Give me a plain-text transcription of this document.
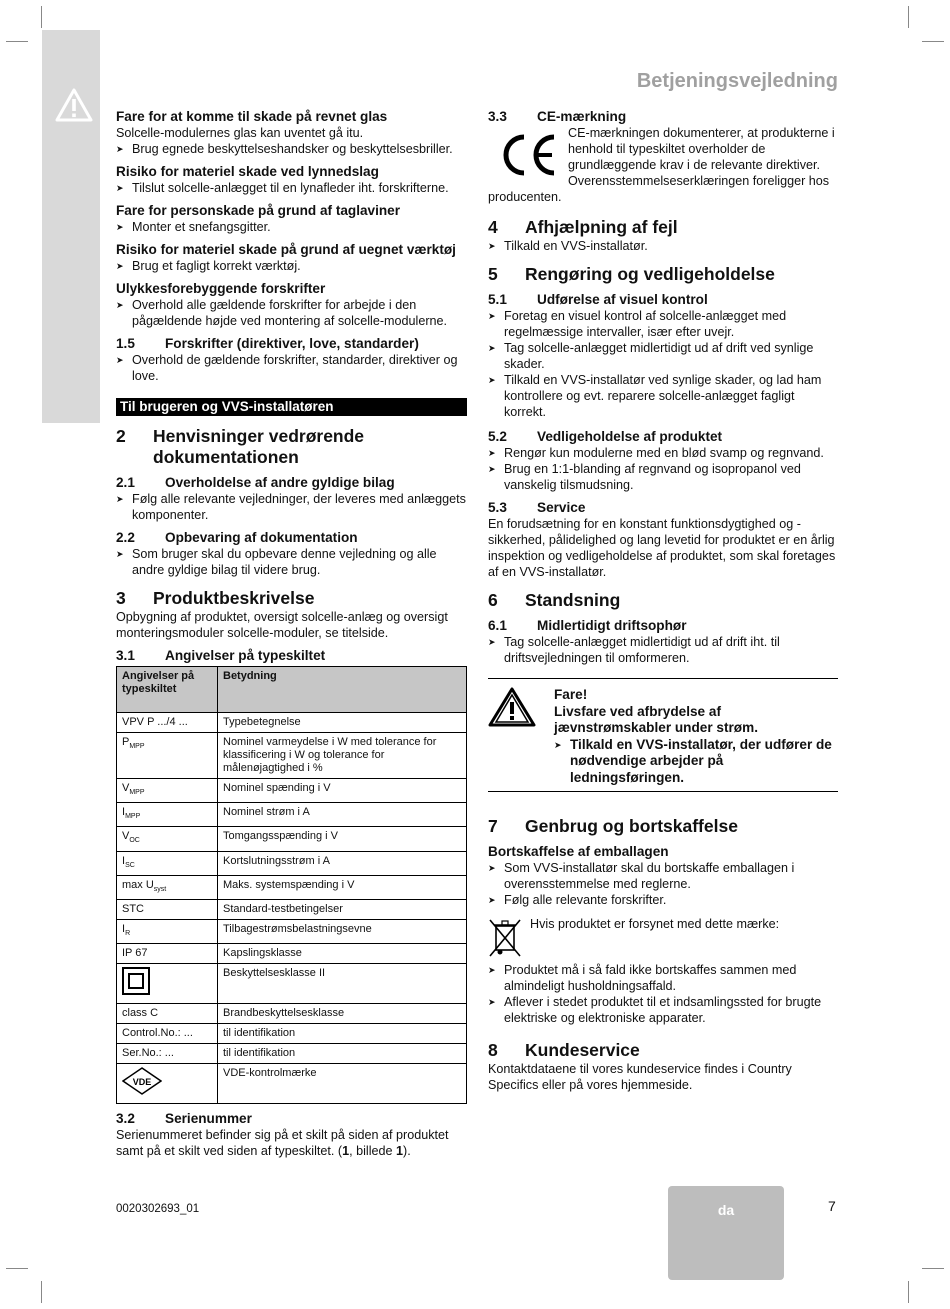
Betjeningsvejledning
Fare for at komme til skade på revnet glas
Solcelle-modulernes glas kan uventet gå itu.
➤ Brug egnede beskyttelseshandsker og beskyttelsesbriller.
Risiko for materiel skade ved lynnedslag
➤ Tilslut solcelle-anlægget til en lynafleder iht. forskrifterne.
Fare for personskade på grund af taglaviner
➤ Monter et snefangsgitter.
Risiko for materiel skade på grund af uegnet værktøj
➤ Brug et fagligt korrekt værktøj.
Ulykkesforebyggende forskrifter
➤ Overhold alle gældende forskrifter for arbejde i den pågældende højde ved montering af solcelle-modulerne.
1.5	Forskrifter (direktiver, love, standarder)
➤ Overhold de gældende forskrifter, standarder, direktiver og love.
Til brugeren og VVS-installatøren
2	Henvisninger vedrørende dokumentationen
2.1	Overholdelse af andre gyldige bilag
➤ Følg alle relevante vejledninger, der leveres med anlæggets komponenter.
2.2	Opbevaring af dokumentation
➤ Som bruger skal du opbevare denne vejledning og alle andre gyldige bilag til videre brug.
3	Produktbeskrivelse
Opbygning af produktet, oversigt solcelle-anlæg og oversigt monteringsmoduler solcelle-moduler, se titelside.
3.1	Angivelser på typeskiltet
Angivelser på typeskiltet	Betydning
VPV P .../4 ...	Typebetegnelse
$P_{MPP}$	Nominel varmeydelse i W med tolerance for klassificering i W og tolerance for målenøjagtighed i %
$V_{MPP}$	Nominel spænding i V
$I_{MPP}$	Nominel strøm i A
$V_{OC}$	Tomgangsspænding i V
$I_{SC}$	Kortslutningsstrøm i A
$\max U_{syst}$	Maks. systemspænding i V
STC	Standard-testbetingelser
$I_R$	Tilbagestrømsbelastningsevne
IP 67	Kapslingsklasse
	Beskyttelsesklasse II
class C	Brandbeskyttelsesklasse
Control.No.: ...	til identifikation
Ser.No.: ...	til identifikation

VDE	VDE-kontrolmærke
3.2	Serienummer
Serienummeret befinder sig på et skilt på siden af produktet samt på et skilt ved siden af typeskiltet. (1, billede 1).
3.3	CE-mærkning
CE-mærkningen dokumenterer, at produkterne i henhold til typeskiltet overholder de grundlæggende krav i de relevante direktiver. Overensstemmelseserklæringen foreligger hos producenten.
4	Afhjælpning af fejl
➤ Tilkald en VVS-installatør.
5	Rengøring og vedligeholdelse
5.1	Udførelse af visuel kontrol
➤ Foretag en visuel kontrol af solcelle-anlægget med regelmæssige intervaller, især efter uvejr.
➤ Tag solcelle-anlægget midlertidigt ud af drift ved synlige skader.
➤ Tilkald en VVS-installatør ved synlige skader, og lad ham kontrollere og evt. reparere solcelle-anlægget fagligt korrekt.
5.2	Vedligeholdelse af produktet
➤ Rengør kun modulerne med en blød svamp og regnvand.
➤ Brug en 1:1-blanding af regnvand og isopropanol ved vanskelig tilsmudsning.
5.3	Service
En forudsætning for en konstant funktionsdygtighed og -sikkerhed, pålidelighed og lang levetid for produktet er en årlig inspektion og vedligeholdelse af produktet, som skal foretages af en VVS-installatør.
6	Standsning
6.1	Midlertidigt driftsophør
➤ Tag solcelle-anlægget midlertidigt ud af drift iht. til driftsvejledningen til omformeren.
Fare!
Livsfare ved afbrydelse af jævnstrømskabler under strøm.
➤ Tilkald en VVS-installatør, der udfører de nødvendige arbejder på ledningsføringen.
7	Genbrug og bortskaffelse
Bortskaffelse af emballagen
➤ Som VVS-installatør skal du bortskaffe emballagen i overensstemmelse med reglerne.
➤ Følg alle relevante forskrifter.
Hvis produktet er forsynet med dette mærke:
➤ Produktet må i så fald ikke bortskaffes sammen med almindeligt husholdningsaffald.
➤ Aflever i stedet produktet til et indsamlingssted for brugte elektriske og elektroniske apparater.
8	Kundeservice
Kontaktdataene til vores kundeservice findes i Country Specifics eller på vores hjemmeside.
0020302693_01	da	7
